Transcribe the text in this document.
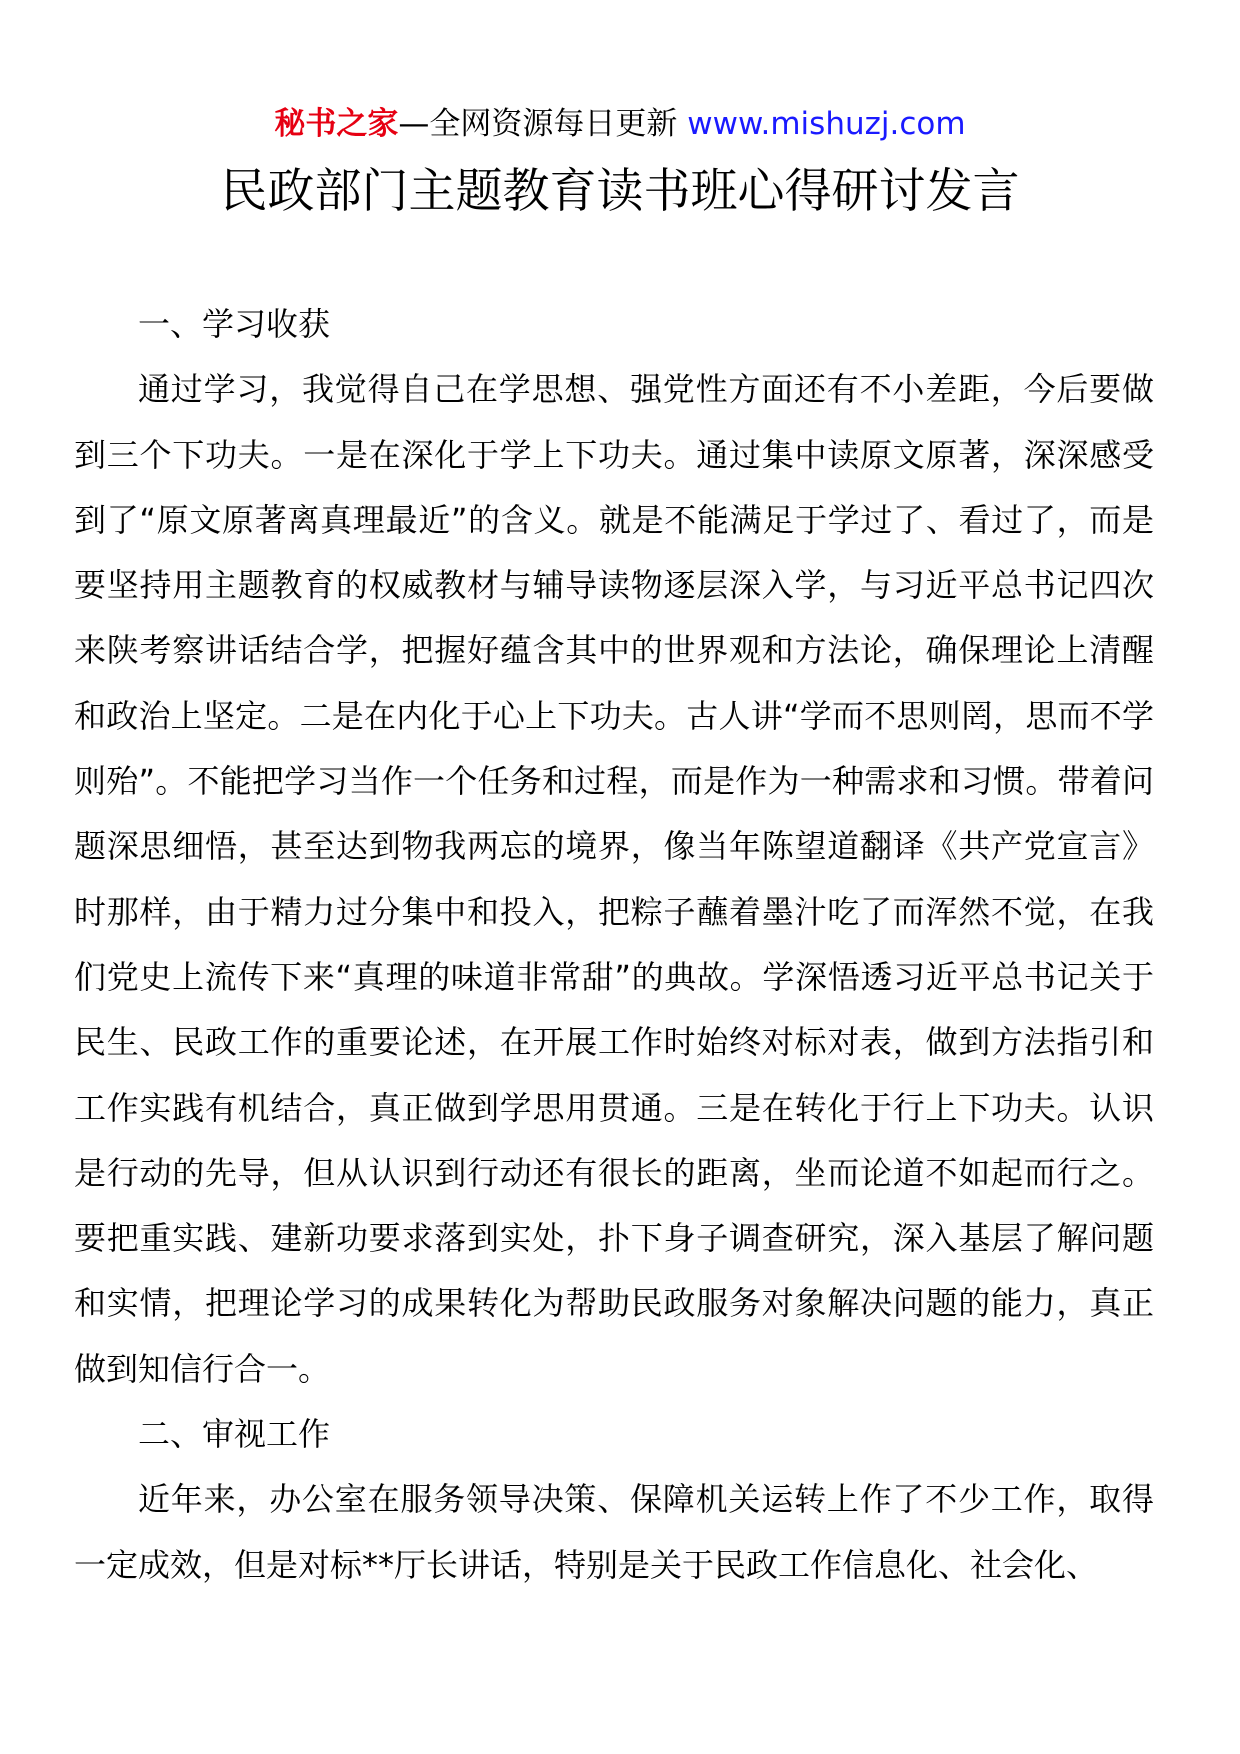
秘书之家—全网资源每日更新 www.mishuzj.com
民政部门主题教育读书班心得研讨发言

一、学习收获

通过学习，我觉得自己在学思想、强党性方面还有不小差距，今后要做到三个下功夫。一是在深化于学上下功夫。通过集中读原文原著，深深感受到了“原文原著离真理最近”的含义。就是不能满足于学过了、看过了，而是要坚持用主题教育的权威教材与辅导读物逐层深入学，与习近平总书记四次来陕考察讲话结合学，把握好蕴含其中的世界观和方法论，确保理论上清醒和政治上坚定。二是在内化于心上下功夫。古人讲“学而不思则罔，思而不学则殆”。不能把学习当作一个任务和过程，而是作为一种需求和习惯。带着问题深思细悟，甚至达到物我两忘的境界，像当年陈望道翻译《共产党宣言》时那样，由于精力过分集中和投入，把粽子蘸着墨汁吃了而浑然不觉，在我们党史上流传下来“真理的味道非常甜”的典故。学深悟透习近平总书记关于民生、民政工作的重要论述，在开展工作时始终对标对表，做到方法指引和工作实践有机结合，真正做到学思用贯通。三是在转化于行上下功夫。认识是行动的先导，但从认识到行动还有很长的距离，坐而论道不如起而行之。要把重实践、建新功要求落到实处，扑下身子调查研究，深入基层了解问题和实情，把理论学习的成果转化为帮助民政服务对象解决问题的能力，真正做到知信行合一。

二、审视工作

近年来，办公室在服务领导决策、保障机关运转上作了不少工作，取得一定成效，但是对标**厅长讲话，特别是关于民政工作信息化、社会化、
